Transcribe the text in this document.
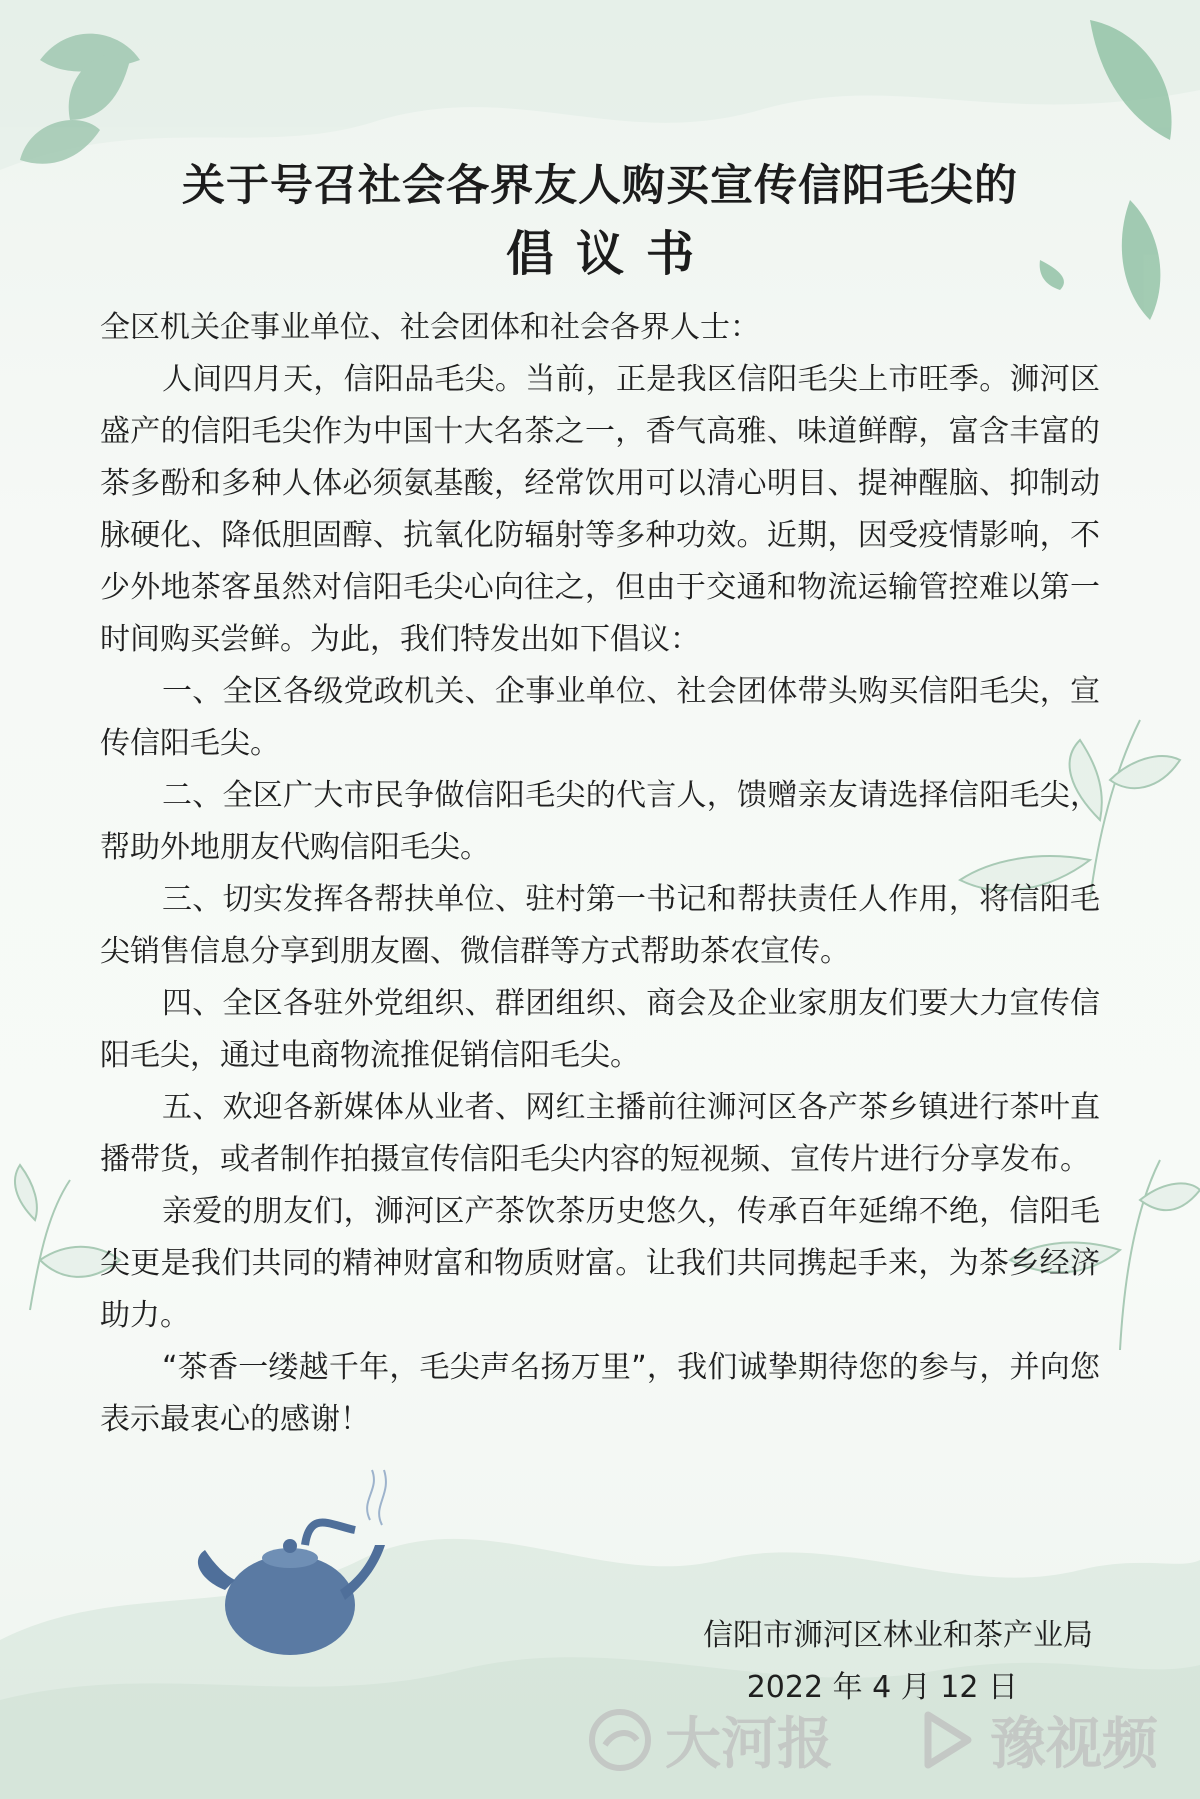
关于号召社会各界友人购买宣传信阳毛尖的
倡议书

全区机关企事业单位、社会团体和社会各界人士：

人间四月天，信阳品毛尖。当前，正是我区信阳毛尖上市旺季。浉河区盛产的信阳毛尖作为中国十大名茶之一，香气高雅、味道鲜醇，富含丰富的茶多酚和多种人体必须氨基酸，经常饮用可以清心明目、提神醒脑、抑制动脉硬化、降低胆固醇、抗氧化防辐射等多种功效。近期，因受疫情影响，不少外地茶客虽然对信阳毛尖心向往之，但由于交通和物流运输管控难以第一时间购买尝鲜。为此，我们特发出如下倡议：

一、全区各级党政机关、企事业单位、社会团体带头购买信阳毛尖，宣传信阳毛尖。

二、全区广大市民争做信阳毛尖的代言人，馈赠亲友请选择信阳毛尖，帮助外地朋友代购信阳毛尖。

三、切实发挥各帮扶单位、驻村第一书记和帮扶责任人作用，将信阳毛尖销售信息分享到朋友圈、微信群等方式帮助茶农宣传。

四、全区各驻外党组织、群团组织、商会及企业家朋友们要大力宣传信阳毛尖，通过电商物流推促销信阳毛尖。

五、欢迎各新媒体从业者、网红主播前往浉河区各产茶乡镇进行茶叶直播带货，或者制作拍摄宣传信阳毛尖内容的短视频、宣传片进行分享发布。

亲爱的朋友们，浉河区产茶饮茶历史悠久，传承百年延绵不绝，信阳毛尖更是我们共同的精神财富和物质财富。让我们共同携起手来，为茶乡经济助力。

“茶香一缕越千年，毛尖声名扬万里”，我们诚挚期待您的参与，并向您表示最衷心的感谢！

信阳市浉河区林业和茶产业局
2022 年 4 月 12 日
大河报	豫视频
